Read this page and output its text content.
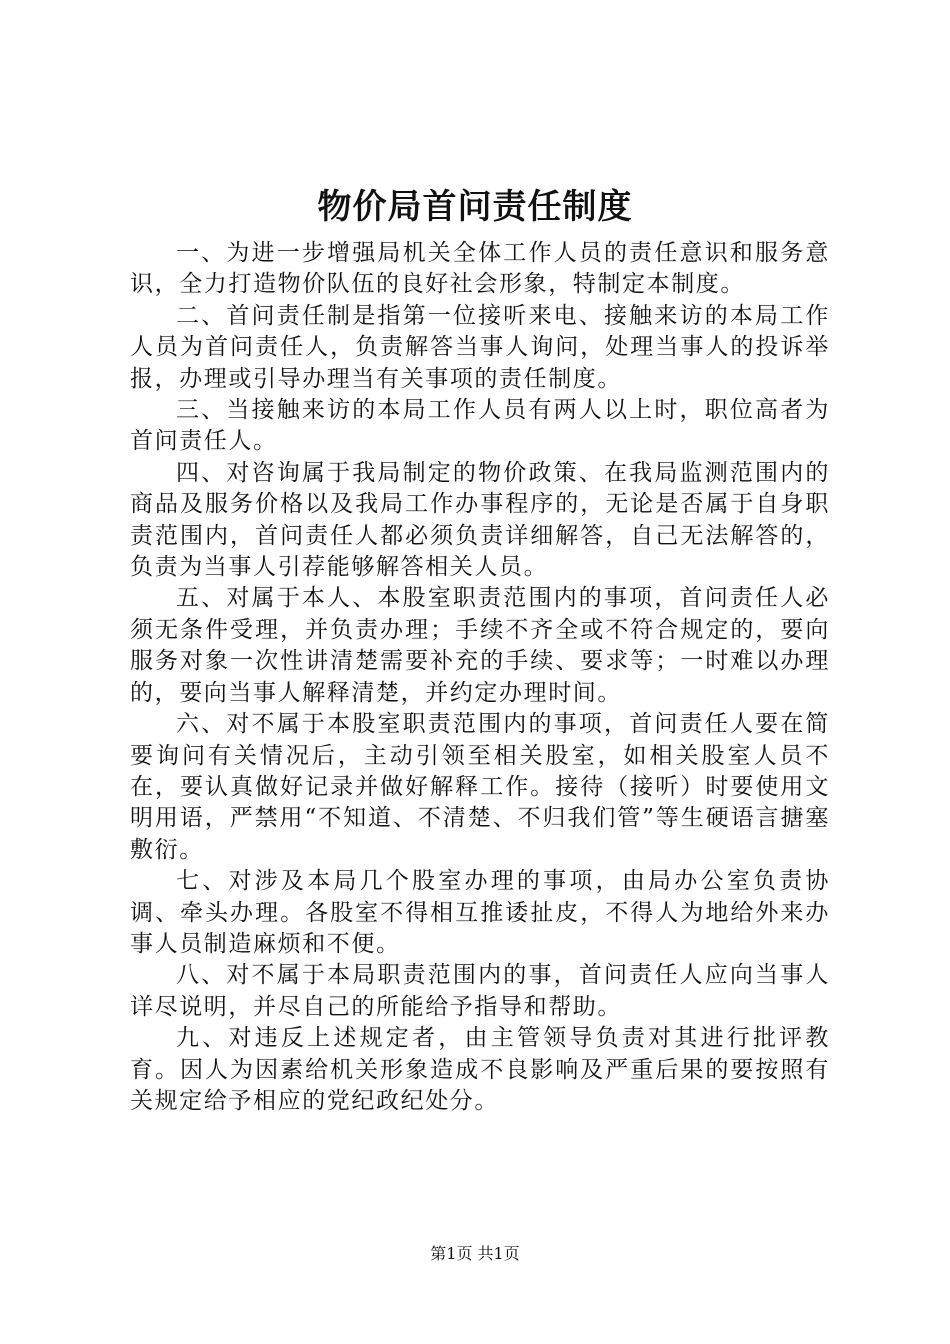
物价局首问责任制度

一、为进一步增强局机关全体工作人员的责任意识和服务意识，全力打造物价队伍的良好社会形象，特制定本制度。

二、首问责任制是指第一位接听来电、接触来访的本局工作人员为首问责任人，负责解答当事人询问，处理当事人的投诉举报，办理或引导办理当有关事项的责任制度。

三、当接触来访的本局工作人员有两人以上时，职位高者为首问责任人。

四、对咨询属于我局制定的物价政策、在我局监测范围内的商品及服务价格以及我局工作办事程序的，无论是否属于自身职责范围内，首问责任人都必须负责详细解答，自己无法解答的，负责为当事人引荐能够解答相关人员。

五、对属于本人、本股室职责范围内的事项，首问责任人必须无条件受理，并负责办理；手续不齐全或不符合规定的，要向服务对象一次性讲清楚需要补充的手续、要求等；一时难以办理的，要向当事人解释清楚，并约定办理时间。

六、对不属于本股室职责范围内的事项，首问责任人要在简要询问有关情况后，主动引领至相关股室，如相关股室人员不在，要认真做好记录并做好解释工作。接待（接听）时要使用文明用语，严禁用“不知道、不清楚、不归我们管”等生硬语言搪塞敷衍。

七、对涉及本局几个股室办理的事项，由局办公室负责协调、牵头办理。各股室不得相互推诿扯皮，不得人为地给外来办事人员制造麻烦和不便。

八、对不属于本局职责范围内的事，首问责任人应向当事人详尽说明，并尽自己的所能给予指导和帮助。

九、对违反上述规定者，由主管领导负责对其进行批评教育。因人为因素给机关形象造成不良影响及严重后果的要按照有关规定给予相应的党纪政纪处分。

第1页 共1页
